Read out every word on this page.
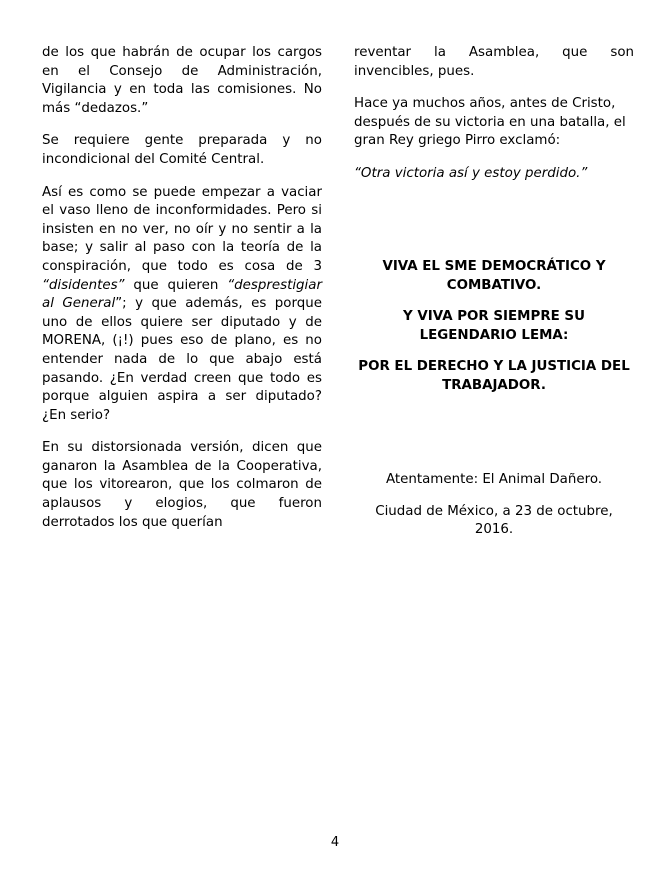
de los que habrán de ocupar los cargos en el Consejo de Administración, Vigilancia y en toda las comisiones. No más “dedazos.”

Se requiere gente preparada y no incondicional del Comité Central.

Así es como se puede empezar a vaciar el vaso lleno de inconformidades. Pero si insisten en no ver, no oír y no sentir a la base; y salir al paso con la teoría de la conspiración, que todo es cosa de 3 “disidentes” que quieren “desprestigiar al General”; y que además, es porque uno de ellos quiere ser diputado y de MORENA, (¡!) pues eso de plano, es no entender nada de lo que abajo está pasando. ¿En verdad creen que todo es porque alguien aspira a ser diputado? ¿En serio?

En su distorsionada versión, dicen que ganaron la Asamblea de la Cooperativa, que los vitorearon, que los colmaron de aplausos y elogios, que fueron derrotados los que querían

reventar la Asamblea, que son invencibles, pues.

Hace ya muchos años, antes de Cristo, después de su victoria en una batalla, el gran Rey griego Pirro exclamó:

“Otra victoria así y estoy perdido.”

VIVA EL SME DEMOCRÁTICO Y COMBATIVO.

Y VIVA POR SIEMPRE SU LEGENDARIO LEMA:

POR EL DERECHO Y LA JUSTICIA DEL TRABAJADOR.

Atentamente: El Animal Dañero.

Ciudad de México, a 23 de octubre, 2016.

4
